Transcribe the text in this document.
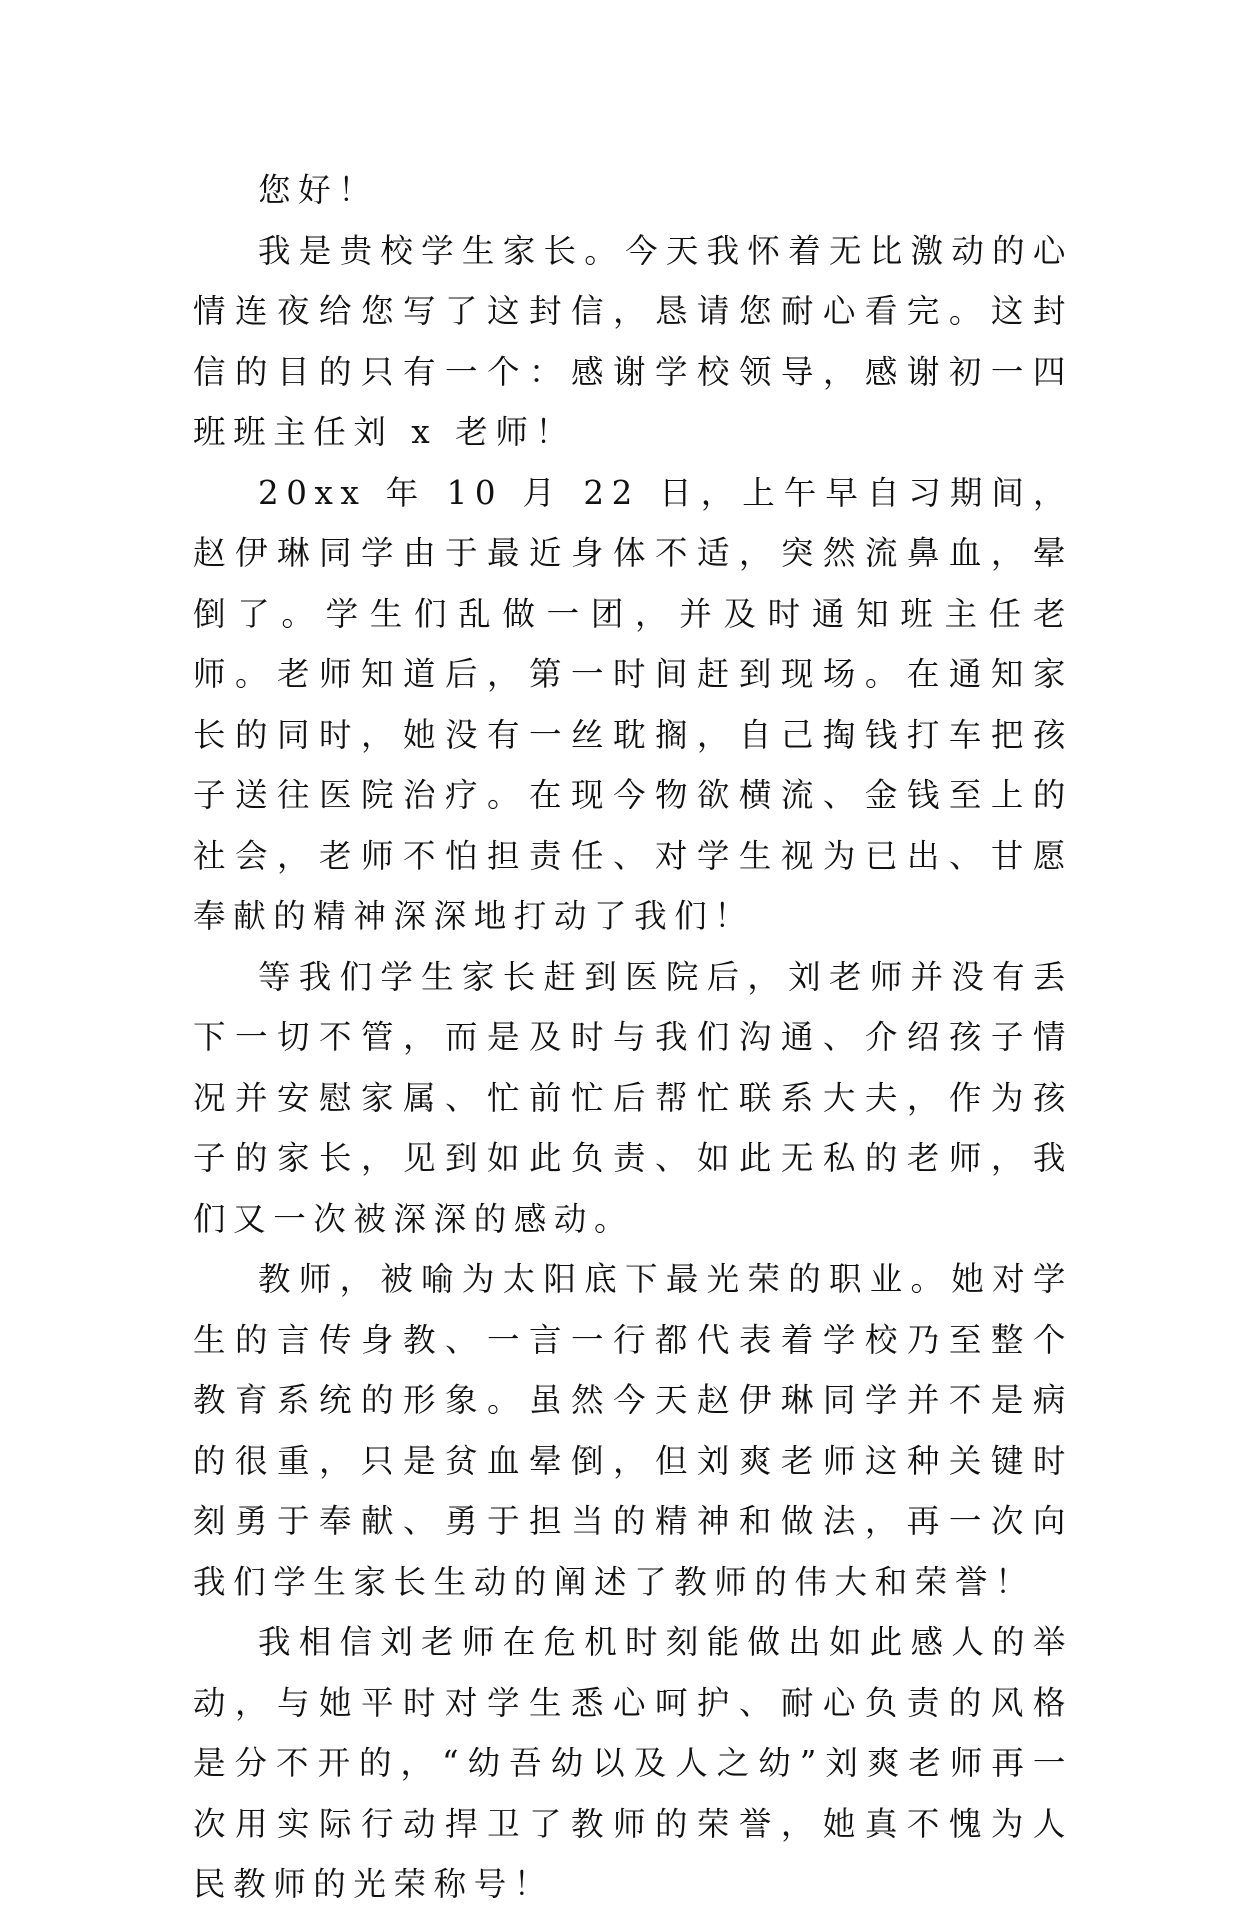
您好！

我是贵校学生家长。今天我怀着无比激动的心情连夜给您写了这封信，恳请您耐心看完。这封信的目的只有一个：感谢学校领导，感谢初一四班班主任刘 x 老师！

20xx 年 10 月 22 日，上午早自习期间，赵伊琳同学由于最近身体不适，突然流鼻血，晕倒了。学生们乱做一团，并及时通知班主任老师。老师知道后，第一时间赶到现场。在通知家长的同时，她没有一丝耽搁，自己掏钱打车把孩子送往医院治疗。在现今物欲横流、金钱至上的社会，老师不怕担责任、对学生视为已出、甘愿奉献的精神深深地打动了我们！

等我们学生家长赶到医院后，刘老师并没有丢下一切不管，而是及时与我们沟通、介绍孩子情况并安慰家属、忙前忙后帮忙联系大夫，作为孩子的家长，见到如此负责、如此无私的老师，我们又一次被深深的感动。

教师，被喻为太阳底下最光荣的职业。她对学生的言传身教、一言一行都代表着学校乃至整个教育系统的形象。虽然今天赵伊琳同学并不是病的很重，只是贫血晕倒，但刘爽老师这种关键时刻勇于奉献、勇于担当的精神和做法，再一次向我们学生家长生动的阐述了教师的伟大和荣誉！

我相信刘老师在危机时刻能做出如此感人的举动，与她平时对学生悉心呵护、耐心负责的风格是分不开的，“幼吾幼以及人之幼”刘爽老师再一次用实际行动捍卫了教师的荣誉，她真不愧为人民教师的光荣称号！
